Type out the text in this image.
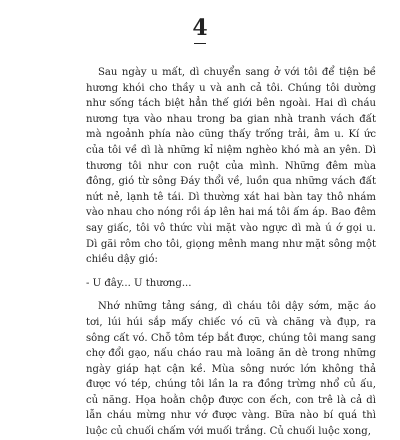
4

Sau ngày u mất, dì chuyển sang ở với tôi để tiện bề hương khói cho thầy u và anh cả tôi. Chúng tôi dường như sống tách biệt hẳn thế giới bên ngoài. Hai dì cháu nương tựa vào nhau trong ba gian nhà tranh vách đất mà ngoảnh phía nào cũng thấy trống trải, âm u. Kí ức của tôi về dì là những kỉ niệm nghèo khó mà an yên. Dì thương tôi như con ruột của mình. Những đêm mùa đông, gió từ sông Đáy thổi về, luồn qua những vách đất nứt nẻ, lạnh tê tái. Dì thường xát hai bàn tay thô nhám vào nhau cho nóng rồi áp lên hai má tôi ấm áp. Bao đêm say giấc, tôi vô thức vùi mặt vào ngực dì mà ú ớ gọi u. Dì gãi rôm cho tôi, giọng mênh mang như mặt sông một chiều dậy gió:

- U đây... U thương...

Nhớ những tảng sáng, dì cháu tôi dậy sớm, mặc áo tơi, lúi húi sắp mấy chiếc vó cũ và chăng và đụp, ra sông cất vó. Chỗ tôm tép bắt được, chúng tôi mang sang chợ đổi gạo, nấu cháo rau mà loãng ăn dè trong những ngày giáp hạt cận kề. Mùa sông nước lớn không thả được vó tép, chúng tôi lần la ra đồng trừng nhổ củ ấu, củ năng. Họa hoằn chộp được con ếch, con trê là cả dì lẫn cháu mừng như vớ được vàng. Bữa nào bí quá thì luộc củ chuối chấm với muối trắng. Củ chuối luộc xong,
